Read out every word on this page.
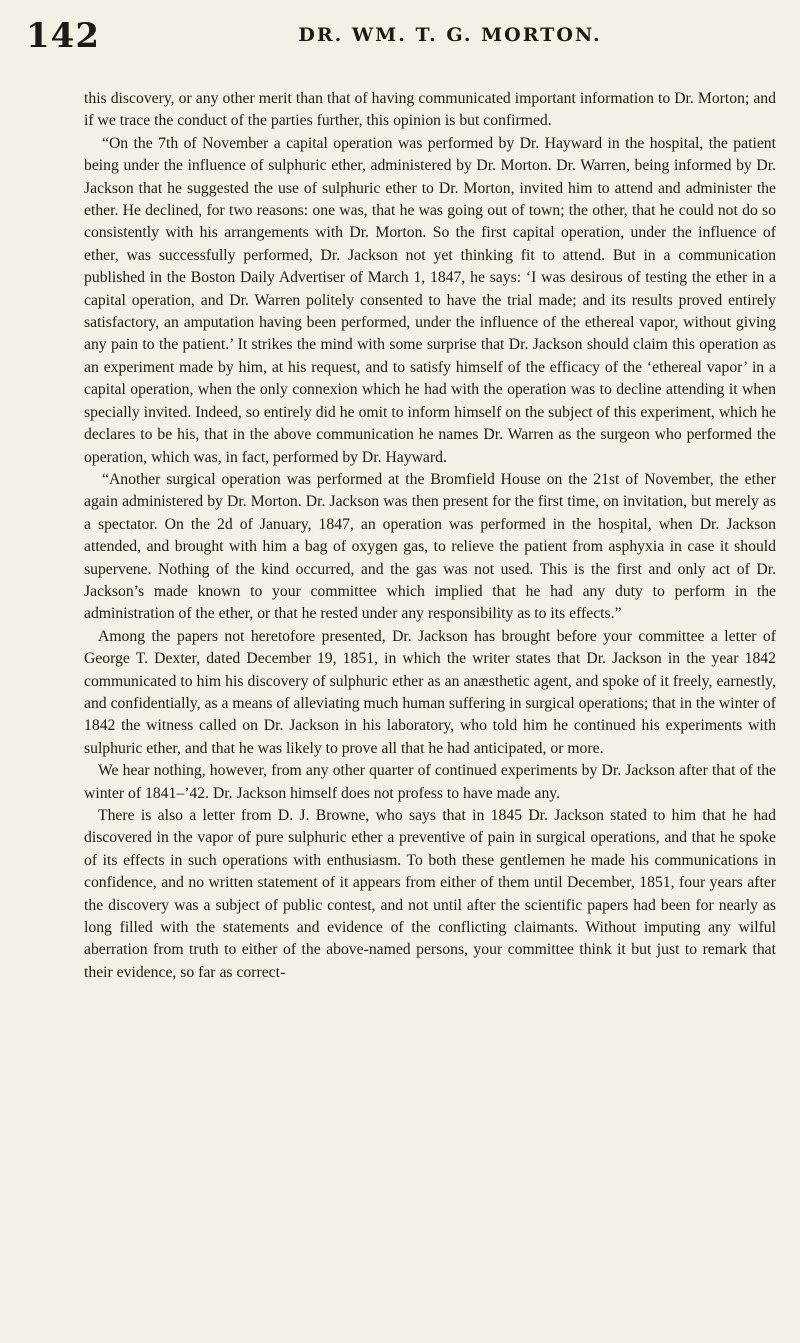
142	DR. WM. T. G. MORTON.

this discovery, or any other merit than that of having communicated important information to Dr. Morton; and if we trace the conduct of the parties further, this opinion is but confirmed.

“On the 7th of November a capital operation was performed by Dr. Hayward in the hospital, the patient being under the influence of sulphuric ether, administered by Dr. Morton. Dr. Warren, being informed by Dr. Jackson that he suggested the use of sulphuric ether to Dr. Morton, invited him to attend and administer the ether. He declined, for two reasons: one was, that he was going out of town; the other, that he could not do so consistently with his arrangements with Dr. Morton. So the first capital operation, under the influence of ether, was successfully performed, Dr. Jackson not yet thinking fit to attend. But in a communication published in the Boston Daily Advertiser of March 1, 1847, he says: ‘I was desirous of testing the ether in a capital operation, and Dr. Warren politely consented to have the trial made; and its results proved entirely satisfactory, an amputation having been performed, under the influence of the ethereal vapor, without giving any pain to the patient.’ It strikes the mind with some surprise that Dr. Jackson should claim this operation as an experiment made by him, at his request, and to satisfy himself of the efficacy of the ‘ethereal vapor’ in a capital operation, when the only connexion which he had with the operation was to decline attending it when specially invited. Indeed, so entirely did he omit to inform himself on the subject of this experiment, which he declares to be his, that in the above communication he names Dr. Warren as the surgeon who performed the operation, which was, in fact, performed by Dr. Hayward.

“Another surgical operation was performed at the Bromfield House on the 21st of November, the ether again administered by Dr. Morton. Dr. Jackson was then present for the first time, on invitation, but merely as a spectator. On the 2d of January, 1847, an operation was performed in the hospital, when Dr. Jackson attended, and brought with him a bag of oxygen gas, to relieve the patient from asphyxia in case it should supervene. Nothing of the kind occurred, and the gas was not used. This is the first and only act of Dr. Jackson’s made known to your committee which implied that he had any duty to perform in the administration of the ether, or that he rested under any responsibility as to its effects.”

Among the papers not heretofore presented, Dr. Jackson has brought before your committee a letter of George T. Dexter, dated December 19, 1851, in which the writer states that Dr. Jackson in the year 1842 communicated to him his discovery of sulphuric ether as an anæsthetic agent, and spoke of it freely, earnestly, and confidentially, as a means of alleviating much human suffering in surgical operations; that in the winter of 1842 the witness called on Dr. Jackson in his laboratory, who told him he continued his experiments with sulphuric ether, and that he was likely to prove all that he had anticipated, or more.

We hear nothing, however, from any other quarter of continued experiments by Dr. Jackson after that of the winter of 1841–’42. Dr. Jackson himself does not profess to have made any.

There is also a letter from D. J. Browne, who says that in 1845 Dr. Jackson stated to him that he had discovered in the vapor of pure sulphuric ether a preventive of pain in surgical operations, and that he spoke of its effects in such operations with enthusiasm. To both these gentlemen he made his communications in confidence, and no written statement of it appears from either of them until December, 1851, four years after the discovery was a subject of public contest, and not until after the scientific papers had been for nearly as long filled with the statements and evidence of the conflicting claimants. Without imputing any wilful aberration from truth to either of the above-named persons, your committee think it but just to remark that their evidence, so far as correct-
